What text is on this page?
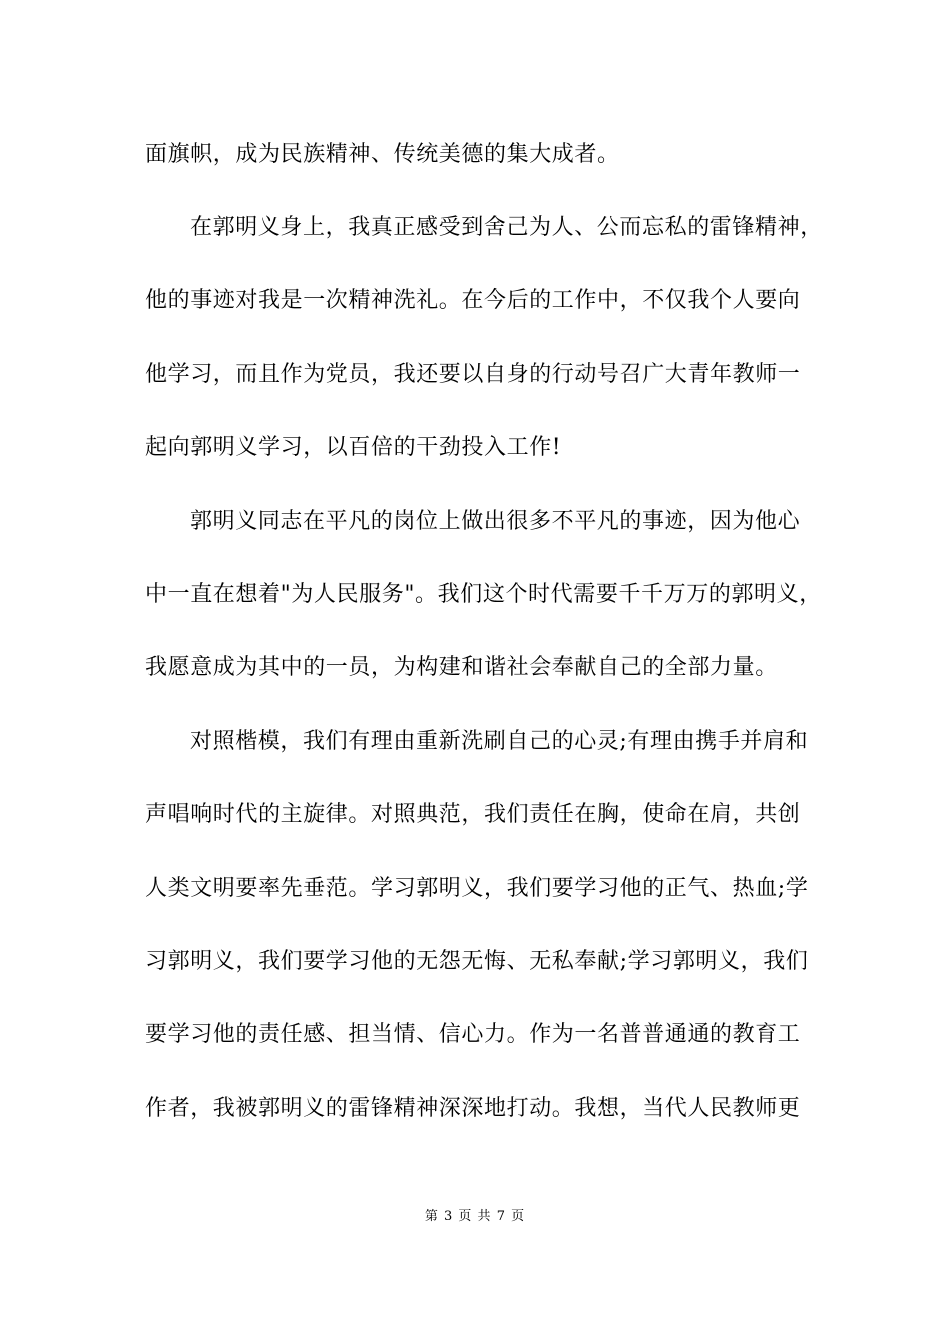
面旗帜，成为民族精神、传统美德的集大成者。
在郭明义身上，我真正感受到舍己为人、公而忘私的雷锋精神，
他的事迹对我是一次精神洗礼。在今后的工作中，不仅我个人要向
他学习，而且作为党员，我还要以自身的行动号召广大青年教师一
起向郭明义学习，以百倍的干劲投入工作!
郭明义同志在平凡的岗位上做出很多不平凡的事迹，因为他心
中一直在想着"为人民服务"。我们这个时代需要千千万万的郭明义，
我愿意成为其中的一员，为构建和谐社会奉献自己的全部力量。
对照楷模，我们有理由重新洗刷自己的心灵;有理由携手并肩和
声唱响时代的主旋律。对照典范，我们责任在胸，使命在肩，共创
人类文明要率先垂范。学习郭明义，我们要学习他的正气、热血;学
习郭明义，我们要学习他的无怨无悔、无私奉献;学习郭明义，我们
要学习他的责任感、担当情、信心力。作为一名普普通通的教育工
作者，我被郭明义的雷锋精神深深地打动。我想，当代人民教师更
第 3 页 共 7 页
